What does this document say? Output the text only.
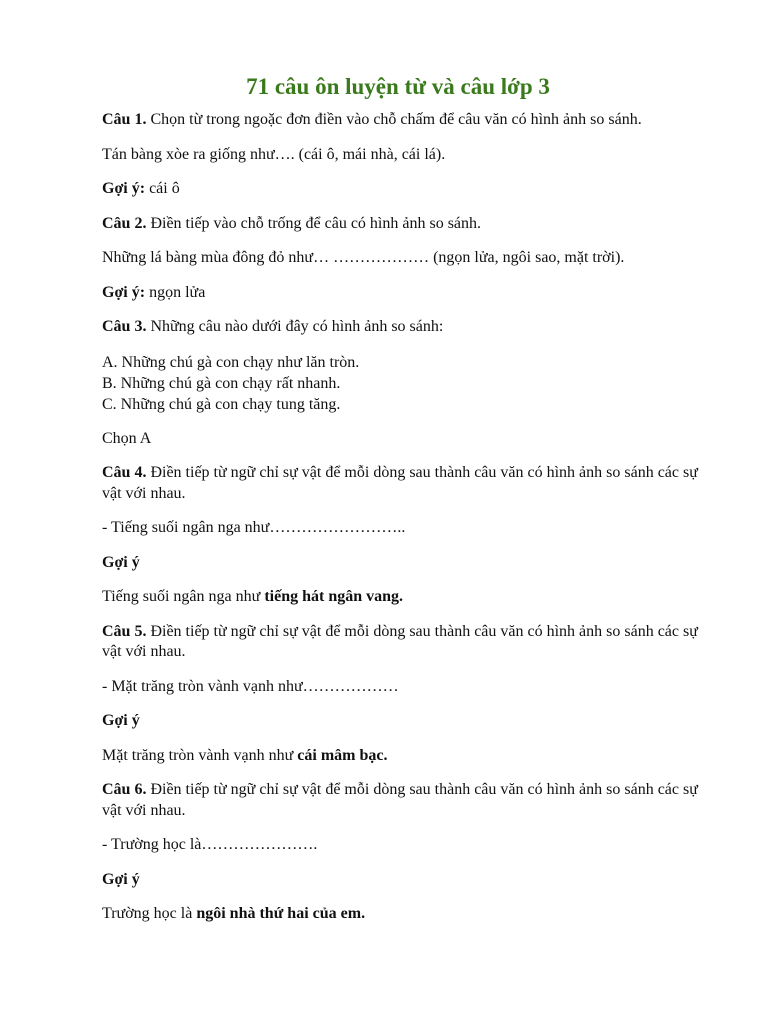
71 câu ôn luyện từ và câu lớp 3

Câu 1. Chọn từ trong ngoặc đơn điền vào chỗ chấm để câu văn có hình ảnh so sánh.

Tán bàng xòe ra giống như…. (cái ô, mái nhà, cái lá).

Gợi ý: cái ô

Câu 2. Điền tiếp vào chỗ trống để câu có hình ảnh so sánh.

Những lá bàng mùa đông đỏ như… ……………… (ngọn lửa, ngôi sao, mặt trời).

Gợi ý: ngọn lửa

Câu 3. Những câu nào dưới đây có hình ảnh so sánh:

A. Những chú gà con chạy như lăn tròn.
B. Những chú gà con chạy rất nhanh.
C. Những chú gà con chạy tung tăng.

Chọn A

Câu 4. Điền tiếp từ ngữ chỉ sự vật để mỗi dòng sau thành câu văn có hình ảnh so sánh các sự vật với nhau.

- Tiếng suối ngân nga như……………………..

Gợi ý

Tiếng suối ngân nga như tiếng hát ngân vang.

Câu 5. Điền tiếp từ ngữ chỉ sự vật để mỗi dòng sau thành câu văn có hình ảnh so sánh các sự vật với nhau.

- Mặt trăng tròn vành vạnh như………………

Gợi ý

Mặt trăng tròn vành vạnh như cái mâm bạc.

Câu 6. Điền tiếp từ ngữ chỉ sự vật để mỗi dòng sau thành câu văn có hình ảnh so sánh các sự vật với nhau.

- Trường học là………………….

Gợi ý

Trường học là ngôi nhà thứ hai của em.
